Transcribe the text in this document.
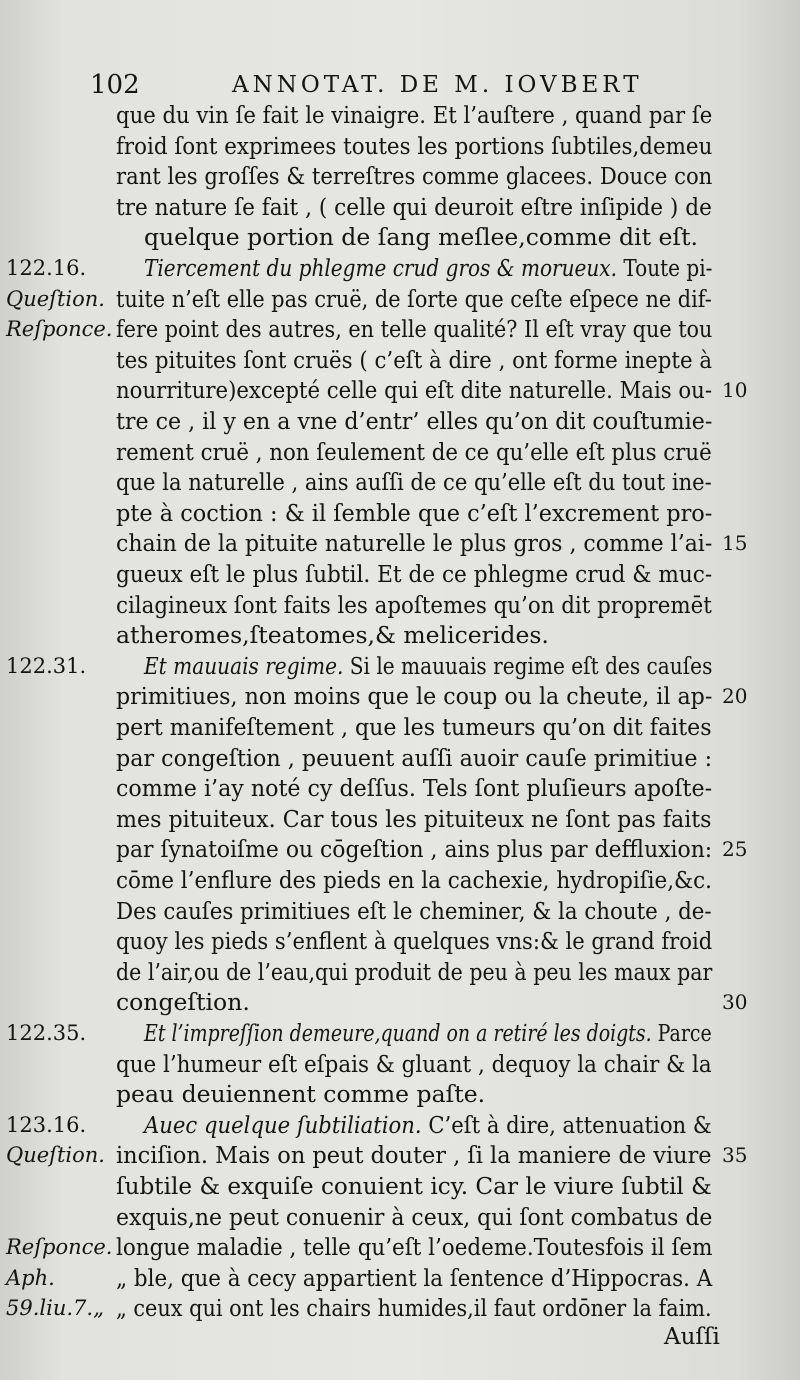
102	ANNOTAT. DE M. IOVBERT
que du vin ſe fait le vinaigre. Et l’auſtere , quand par ſe
froid ſont exprimees toutes les portions ſubtiles,demeu
rant les groſſes & terreſtres comme glacees. Douce con
tre nature ſe fait , ( celle qui deuroit eſtre inſipide ) de
quelque portion de ſang meſlee,comme dit eſt.
Tiercement du phlegme crud gros & morueux. Toute pi-
tuite n’eſt elle pas cruë, de ſorte que ceſte eſpece ne dif-
fere point des autres, en telle qualité? Il eſt vray que tou
tes pituites ſont cruës ( c’eſt à dire , ont forme inepte à
nourriture)excepté celle qui eſt dite naturelle. Mais ou-
tre ce , il y en a vne d’entr’ elles qu’on dit couſtumie-
rement cruë , non ſeulement de ce qu’elle eſt plus cruë
que la naturelle , ains auſſi de ce qu’elle eſt du tout ine-
pte à coction : & il ſemble que c’eſt l’excrement pro-
chain de la pituite naturelle le plus gros , comme l’ai-
gueux eſt le plus ſubtil. Et de ce phlegme crud & muc-
cilagineux ſont faits les apoſtemes qu’on dit propremēt
atheromes,ſteatomes,& melicerides.
Et mauuais regime. Si le mauuais regime eſt des cauſes
primitiues, non moins que le coup ou la cheute, il ap-
pert manifeſtement , que les tumeurs qu’on dit faites
par congeſtion , peuuent auſſi auoir cauſe primitiue :
comme i’ay noté cy deſſus. Tels ſont pluſieurs apoſte-
mes pituiteux. Car tous les pituiteux ne ſont pas faits
par ſynatoiſme ou cōgeſtion , ains plus par deffluxion:
cōme l’enflure des pieds en la cachexie, hydropiſie,&c.
Des cauſes primitiues eſt le cheminer, & la choute , de-
quoy les pieds s’enflent à quelques vns:& le grand froid
de l’air,ou de l’eau,qui produit de peu à peu les maux par
congeſtion.
Et l’impreſſion demeure,quand on a retiré les doigts. Parce
que l’humeur eſt eſpais & gluant , dequoy la chair & la
peau deuiennent comme paſte.
Auec quelque ſubtiliation. C’eſt à dire, attenuation &
inciſion. Mais on peut douter , ſi la maniere de viure
ſubtile & exquiſe conuient icy. Car le viure ſubtil &
exquis,ne peut conuenir à ceux, qui ſont combatus de
longue maladie , telle qu’eſt l’oedeme.Toutesfois il ſem
„ ble, que à cecy appartient la ſentence d’Hippocras. A
„ ceux qui ont les chairs humides,il faut ordōner la faim.
122.16.
Queſtion.
Reſponce.
122.31.
122.35.
123.16.
Queſtion.
Reſponce.
Aph.
59.liu.7.„
10
15
20
25
30
35
Auſſi
